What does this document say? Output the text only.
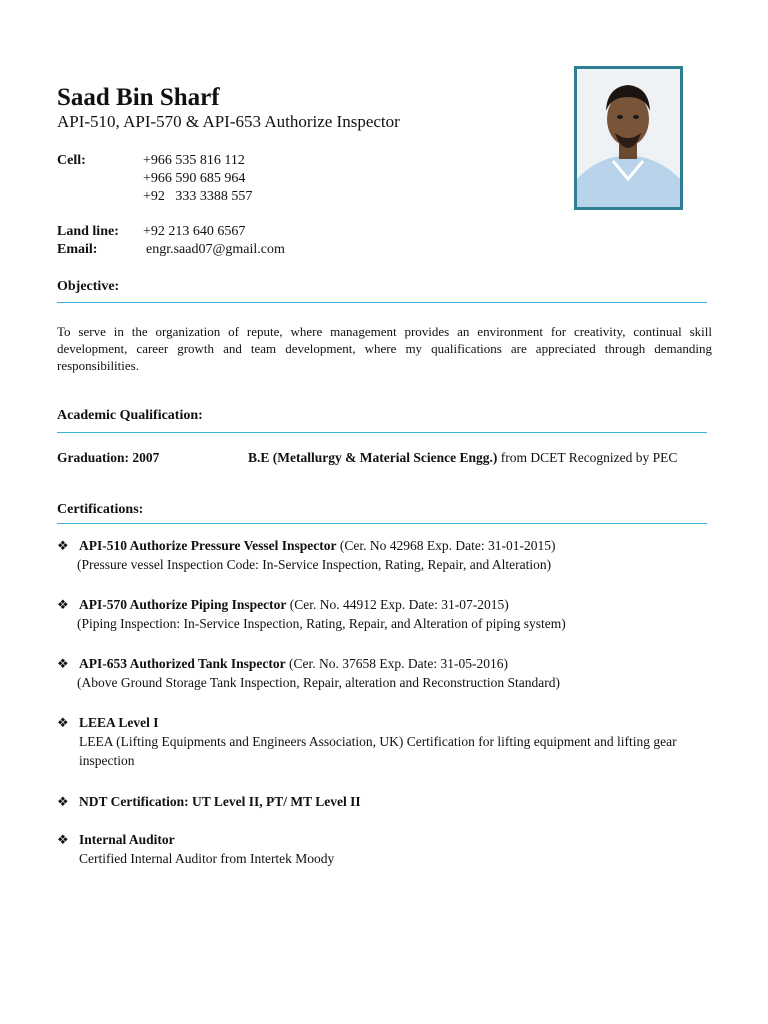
Saad Bin Sharf
API-510, API-570 & API-653 Authorize Inspector
Cell:	+966 535 816 112
+966 590 685 964
+92   333 3388 557
Land line: +92 213 640 6567
Email:	engr.saad07@gmail.com
Objective:
To serve in the organization of repute, where management provides an environment for creativity, continual skill development, career growth and team development, where my qualifications are appreciated through demanding responsibilities.
Academic Qualification:
Graduation: 2007	B.E (Metallurgy & Material Science Engg.) from DCET Recognized by PEC
Certifications:
❖ API-510 Authorize Pressure Vessel Inspector (Cer. No 42968 Exp. Date: 31-01-2015)
(Pressure vessel Inspection Code: In-Service Inspection, Rating, Repair, and Alteration)
❖ API-570 Authorize Piping Inspector (Cer. No. 44912 Exp. Date: 31-07-2015)
(Piping Inspection: In-Service Inspection, Rating, Repair, and Alteration of piping system)
❖ API-653 Authorized Tank Inspector (Cer. No. 37658 Exp. Date: 31-05-2016)
(Above Ground Storage Tank Inspection, Repair, alteration and Reconstruction Standard)
❖ LEEA Level I
LEEA (Lifting Equipments and Engineers Association, UK) Certification for lifting equipment and lifting gear inspection
❖ NDT Certification: UT Level II, PT/ MT Level II
❖ Internal Auditor
Certified Internal Auditor from Intertek Moody
